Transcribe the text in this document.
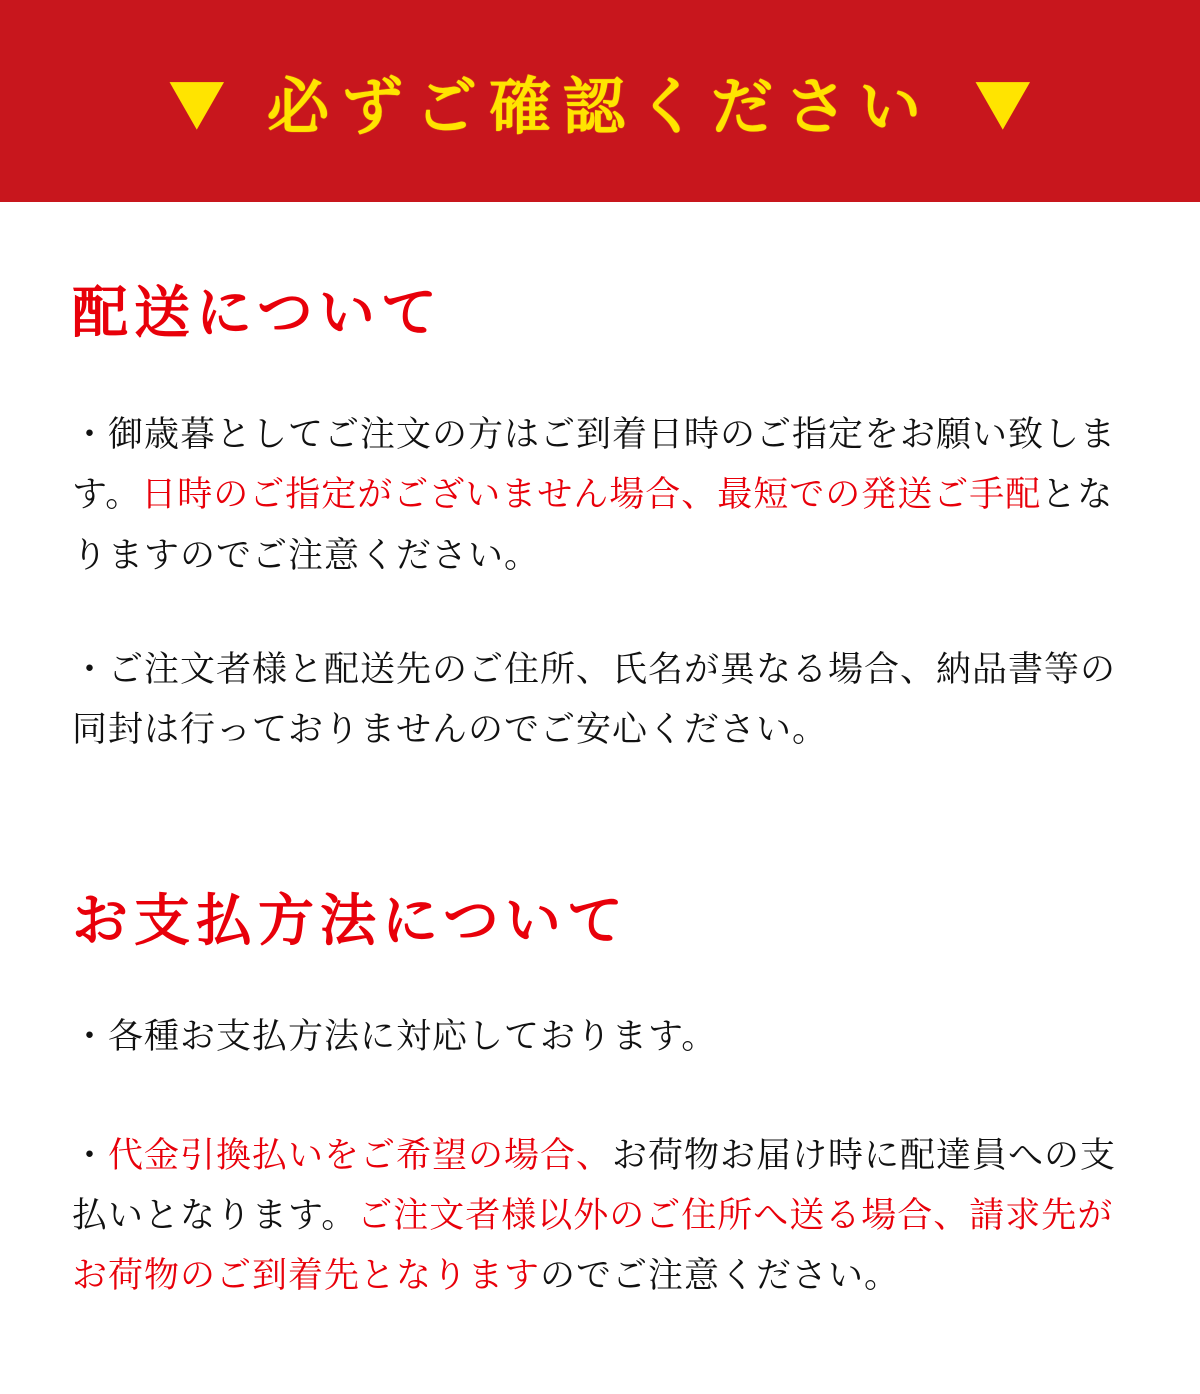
▼ 必ずご確認ください ▼
配送について

・御歳暮としてご注文の方はご到着日時のご指定をお願い致します。日時のご指定がございません場合、最短での発送ご手配となりますのでご注意ください。

・ご注文者様と配送先のご住所、氏名が異なる場合、納品書等の同封は行っておりませんのでご安心ください。

お支払方法について

・各種お支払方法に対応しております。

・代金引換払いをご希望の場合、お荷物お届け時に配達員への支払いとなります。ご注文者様以外のご住所へ送る場合、請求先がお荷物のご到着先となりますのでご注意ください。
